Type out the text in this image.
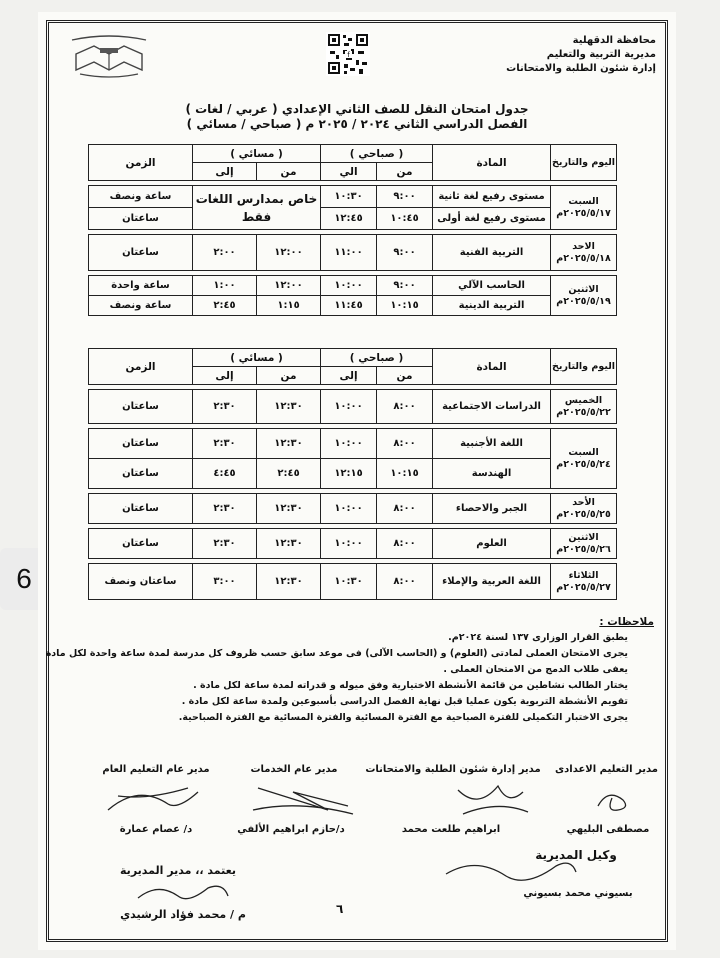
6
محافظة الدقهلية
مديرية التربية والتعليم
إدارة شئون الطلبة والامتحانات
f
جدول امتحان النقل للصف الثاني الإعدادي ( عربي / لغات )
الفصل الدراسي الثاني ٢٠٢٤ / ٢٠٢٥ م ( صباحي / مسائي )
اليوم والتاريخ	المادة	( صباحي )		( مسائي )		الزمن
		من	الي	من	إلى	

السبت ٢٠٢٥/٥/١٧م	مستوى رفيع لغة ثانية	٩:٠٠	١٠:٣٠	خاص بمدارس اللغات فقط		ساعة ونصف
	مستوى رفيع لغة أولى	١٠:٤٥	١٢:٤٥			ساعتان

الاحد ٢٠٢٥/٥/١٨م	التربية الفنية	٩:٠٠	١١:٠٠	١٢:٠٠	٢:٠٠	ساعتان

الاثنين ٢٠٢٥/٥/١٩م	الحاسب الآلي	٩:٠٠	١٠:٠٠	١٢:٠٠	١:٠٠	ساعة واحدة
	التربية الدينية	١٠:١٥	١١:٤٥	١:١٥	٢:٤٥	ساعة ونصف
اليوم والتاريخ	المادة	( صباحي )		( مسائي )		الزمن
		من	إلى	من	إلى	

الخميس ٢٠٢٥/٥/٢٢م	الدراسات الاجتماعية	٨:٠٠	١٠:٠٠	١٢:٣٠	٢:٣٠	ساعتان

السبت ٢٠٢٥/٥/٢٤م	اللغة الأجنبية	٨:٠٠	١٠:٠٠	١٢:٣٠	٢:٣٠	ساعتان
	الهندسة	١٠:١٥	١٢:١٥	٢:٤٥	٤:٤٥	ساعتان

الأحد ٢٠٢٥/٥/٢٥م	الجبر والاحصاء	٨:٠٠	١٠:٠٠	١٢:٣٠	٢:٣٠	ساعتان

الاثنين ٢٠٢٥/٥/٢٦م	العلوم	٨:٠٠	١٠:٠٠	١٢:٣٠	٢:٣٠	ساعتان

الثلاثاء ٢٠٢٥/٥/٢٧م	اللغة العربية والإملاء	٨:٠٠	١٠:٣٠	١٢:٣٠	٣:٠٠	ساعتان ونصف
ملاحظات :
يطبق القرار الوزارى ١٣٧ لسنة ٢٠٢٤م.
يجرى الامتحان العملى لمادتى (العلوم) و (الحاسب الآلى) فى موعد سابق حسب ظروف كل مدرسة لمدة ساعة واحدة لكل مادة
يعفى طلاب الدمج من الامتحان العملى .
يختار الطالب نشاطين من قائمة الأنشطة الاختيارية وفق ميوله و قدراته لمدة ساعة لكل مادة .
تقويم الأنشطة التربوية يكون عمليا قبل نهاية الفصل الدراسى بأسبوعين ولمدة ساعة لكل مادة .
يجرى الاختبار التكميلى للفترة الصباحية مع الفترة المسائية والفترة المسائية مع الفترة الصباحية.
مدير التعليم الاعدادى
مدير إدارة شئون الطلبة والامتحانات
مدير عام الخدمات
مدير عام التعليم العام
مصطفى البليهي
ابراهيم طلعت محمد
د/حازم ابراهيم الألفي
د/ عصام عمارة
وكيل المديرية
بسيوني محمد بسيوني
يعتمد ،، مدير المديرية
م / محمد فؤاد الرشيدي	٦
